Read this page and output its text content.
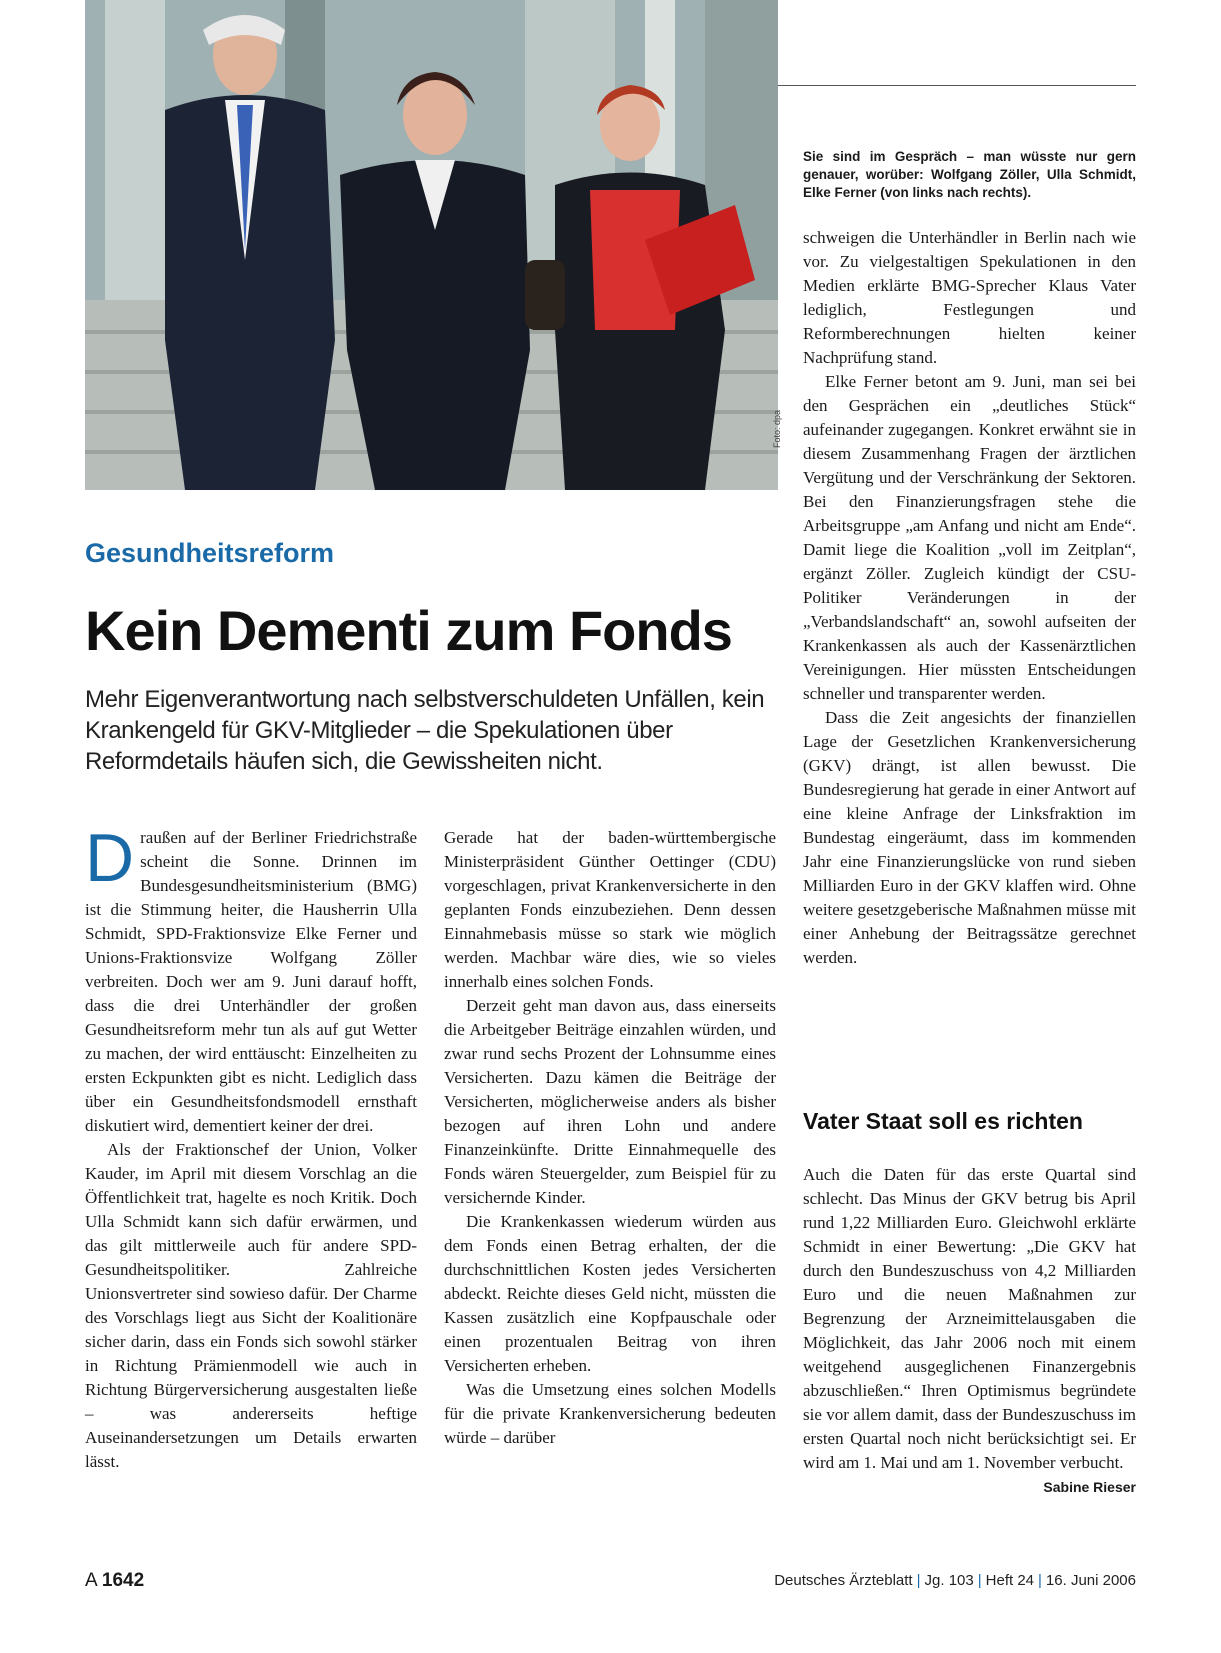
Foto: dpa
Sie sind im Gespräch – man wüsste nur gern genauer, worüber: Wolfgang Zöller, Ulla Schmidt, Elke Ferner (von links nach rechts).
Gesundheitsreform
Kein Dementi zum Fonds
Mehr Eigenverantwortung nach selbstverschuldeten Unfällen, kein Krankengeld für GKV-Mitglieder – die Spekulationen über Reformdetails häufen sich, die Gewissheiten nicht.

Draußen auf der Berliner Friedrichstraße scheint die Sonne. Drinnen im Bundesgesundheitsministerium (BMG) ist die Stimmung heiter, die Hausherrin Ulla Schmidt, SPD-Fraktionsvize Elke Ferner und Unions-Fraktionsvize Wolfgang Zöller verbreiten. Doch wer am 9. Juni darauf hofft, dass die drei Unterhändler der großen Gesundheitsreform mehr tun als auf gut Wetter zu machen, der wird enttäuscht: Einzelheiten zu ersten Eckpunkten gibt es nicht. Lediglich dass über ein Gesundheitsfondsmodell ernsthaft diskutiert wird, dementiert keiner der drei.

Als der Fraktionschef der Union, Volker Kauder, im April mit diesem Vorschlag an die Öffentlichkeit trat, hagelte es noch Kritik. Doch Ulla Schmidt kann sich dafür erwärmen, und das gilt mittlerweile auch für andere SPD-Gesundheitspolitiker. Zahlreiche Unionsvertreter sind sowieso dafür. Der Charme des Vorschlags liegt aus Sicht der Koalitionäre sicher darin, dass ein Fonds sich sowohl stärker in Richtung Prämienmodell wie auch in Richtung Bürgerversicherung ausgestalten ließe – was andererseits heftige Auseinandersetzungen um Details erwarten lässt.

Gerade hat der baden-württembergische Ministerpräsident Günther Oettinger (CDU) vorgeschlagen, privat Krankenversicherte in den geplanten Fonds einzubeziehen. Denn dessen Einnahmebasis müsse so stark wie möglich werden. Machbar wäre dies, wie so vieles innerhalb eines solchen Fonds.

Derzeit geht man davon aus, dass einerseits die Arbeitgeber Beiträge einzahlen würden, und zwar rund sechs Prozent der Lohnsumme eines Versicherten. Dazu kämen die Beiträge der Versicherten, möglicherweise anders als bisher bezogen auf ihren Lohn und andere Finanzeinkünfte. Dritte Einnahmequelle des Fonds wären Steuergelder, zum Beispiel für zu versichernde Kinder.

Die Krankenkassen wiederum würden aus dem Fonds einen Betrag erhalten, der die durchschnittlichen Kosten jedes Versicherten abdeckt. Reichte dieses Geld nicht, müssten die Kassen zusätzlich eine Kopfpauschale oder einen prozentualen Beitrag von ihren Versicherten erheben.

Was die Umsetzung eines solchen Modells für die private Krankenversicherung bedeuten würde – darüber

schweigen die Unterhändler in Berlin nach wie vor. Zu vielgestaltigen Spekulationen in den Medien erklärte BMG-Sprecher Klaus Vater lediglich, Festlegungen und Reformberechnungen hielten keiner Nachprüfung stand.

Elke Ferner betont am 9. Juni, man sei bei den Gesprächen ein „deutliches Stück“ aufeinander zugegangen. Konkret erwähnt sie in diesem Zusammenhang Fragen der ärztlichen Vergütung und der Verschränkung der Sektoren. Bei den Finanzierungsfragen stehe die Arbeitsgruppe „am Anfang und nicht am Ende“. Damit liege die Koalition „voll im Zeitplan“, ergänzt Zöller. Zugleich kündigt der CSU-Politiker Veränderungen in der „Verbandslandschaft“ an, sowohl aufseiten der Krankenkassen als auch der Kassenärztlichen Vereinigungen. Hier müssten Entscheidungen schneller und transparenter werden.

Dass die Zeit angesichts der finanziellen Lage der Gesetzlichen Krankenversicherung (GKV) drängt, ist allen bewusst. Die Bundesregierung hat gerade in einer Antwort auf eine kleine Anfrage der Linksfraktion im Bundestag eingeräumt, dass im kommenden Jahr eine Finanzierungslücke von rund sieben Milliarden Euro in der GKV klaffen wird. Ohne weitere gesetzgeberische Maßnahmen müsse mit einer Anhebung der Beitragssätze gerechnet werden.

Vater Staat soll es richten

Auch die Daten für das erste Quartal sind schlecht. Das Minus der GKV betrug bis April rund 1,22 Milliarden Euro. Gleichwohl erklärte Schmidt in einer Bewertung: „Die GKV hat durch den Bundeszuschuss von 4,2 Milliarden Euro und die neuen Maßnahmen zur Begrenzung der Arzneimittelausgaben die Möglichkeit, das Jahr 2006 noch mit einem weitgehend ausgeglichenen Finanzergebnis abzuschließen.“ Ihren Optimismus begründete sie vor allem damit, dass der Bundeszuschuss im ersten Quartal noch nicht berücksichtigt sei. Er wird am 1. Mai und am 1. November verbucht.
Sabine Rieser

A 1642	Deutsches Ärzteblatt | Jg. 103 | Heft 24 | 16. Juni 2006
